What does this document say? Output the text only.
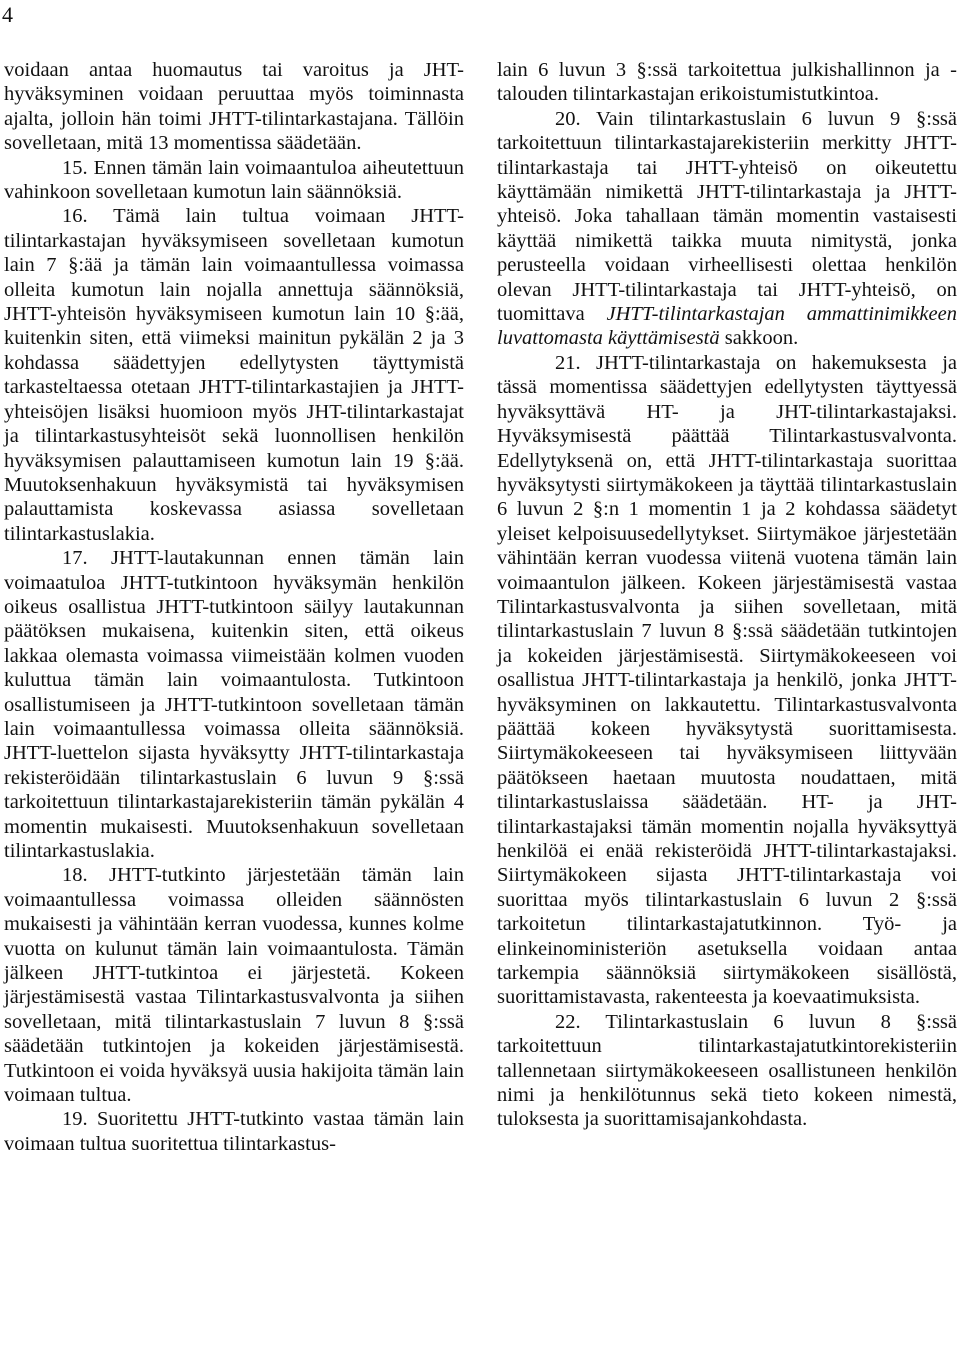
4

voidaan antaa huomautus tai varoitus ja JHT-hyväksyminen voidaan peruuttaa myös toiminnasta ajalta, jolloin hän toimi JHTT-tilintarkastajana. Tällöin sovelletaan, mitä 13 momentissa säädetään.

15. Ennen tämän lain voimaantuloa aiheutettuun vahinkoon sovelletaan kumotun lain säännöksiä.

16. Tämä lain tultua voimaan JHTT-tilintarkastajan hyväksymiseen sovelletaan kumotun lain 7 §:ää ja tämän lain voimaantullessa voimassa olleita kumotun lain nojalla annettuja säännöksiä, JHTT-yhteisön hyväksymiseen kumotun lain 10 §:ää, kuitenkin siten, että viimeksi mainitun pykälän 2 ja 3 kohdassa säädettyjen edellytysten täyttymistä tarkasteltaessa otetaan JHTT-tilintarkastajien ja JHTT-yhteisöjen lisäksi huomioon myös JHT-tilintarkastajat ja tilintarkastusyhteisöt sekä luonnollisen henkilön hyväksymisen palauttamiseen kumotun lain 19 §:ää. Muutoksenhakuun hyväksymistä tai hyväksymisen palauttamista koskevassa asiassa sovelletaan tilintarkastuslakia.

17. JHTT-lautakunnan ennen tämän lain voimaatuloa JHTT-tutkintoon hyväksymän henkilön oikeus osallistua JHTT-tutkintoon säilyy lautakunnan päätöksen mukaisena, kuitenkin siten, että oikeus lakkaa olemasta voimassa viimeistään kolmen vuoden kuluttua tämän lain voimaantulosta. Tutkintoon osallistumiseen ja JHTT-tutkintoon sovelletaan tämän lain voimaantullessa voimassa olleita säännöksiä. JHTT-luettelon sijasta hyväksytty JHTT-tilintarkastaja rekisteröidään tilintarkastuslain 6 luvun 9 §:ssä tarkoitettuun tilintarkastajarekisteriin tämän pykälän 4 momentin mukaisesti. Muutoksenhakuun sovelletaan tilintarkastuslakia.

18. JHTT-tutkinto järjestetään tämän lain voimaantullessa voimassa olleiden säännösten mukaisesti ja vähintään kerran vuodessa, kunnes kolme vuotta on kulunut tämän lain voimaantulosta. Tämän jälkeen JHTT-tutkintoa ei järjestetä. Kokeen järjestämisestä vastaa Tilintarkastusvalvonta ja siihen sovelletaan, mitä tilintarkastuslain 7 luvun 8 §:ssä säädetään tutkintojen ja kokeiden järjestämisestä. Tutkintoon ei voida hyväksyä uusia hakijoita tämän lain voimaan tultua.

19. Suoritettu JHTT-tutkinto vastaa tämän lain voimaan tultua suoritettua tilintarkastus-

lain 6 luvun 3 §:ssä tarkoitettua julkishallinnon ja -talouden tilintarkastajan erikoistumistutkintoa.

20. Vain tilintarkastuslain 6 luvun 9 §:ssä tarkoitettuun tilintarkastajarekisteriin merkitty JHTT-tilintarkastaja tai JHTT-yhteisö on oikeutettu käyttämään nimikettä JHTT-tilintarkastaja ja JHTT-yhteisö. Joka tahallaan tämän momentin vastaisesti käyttää nimikettä taikka muuta nimitystä, jonka perusteella voidaan virheellisesti olettaa henkilön olevan JHTT-tilintarkastaja tai JHTT-yhteisö, on tuomittava JHTT-tilintarkastajan ammattinimikkeen luvattomasta käyttämisestä sakkoon.

21. JHTT-tilintarkastaja on hakemuksesta ja tässä momentissa säädettyjen edellytysten täyttyessä hyväksyttävä HT- ja JHT-tilintarkastajaksi. Hyväksymisestä päättää Tilintarkastusvalvonta. Edellytyksenä on, että JHTT-tilintarkastaja suorittaa hyväksytysti siirtymäkokeen ja täyttää tilintarkastuslain 6 luvun 2 §:n 1 momentin 1 ja 2 kohdassa säädetyt yleiset kelpoisuusedellytykset. Siirtymäkoe järjestetään vähintään kerran vuodessa viitenä vuotena tämän lain voimaantulon jälkeen. Kokeen järjestämisestä vastaa Tilintarkastusvalvonta ja siihen sovelletaan, mitä tilintarkastuslain 7 luvun 8 §:ssä säädetään tutkintojen ja kokeiden järjestämisestä. Siirtymäkokeeseen voi osallistua JHTT-tilintarkastaja ja henkilö, jonka JHTT-hyväksyminen on lakkautettu. Tilintarkastusvalvonta päättää kokeen hyväksytystä suorittamisesta. Siirtymäkokeeseen tai hyväksymiseen liittyvään päätökseen haetaan muutosta noudattaen, mitä tilintarkastuslaissa säädetään. HT- ja JHT-tilintarkastajaksi tämän momentin nojalla hyväksyttyä henkilöä ei enää rekisteröidä JHTT-tilintarkastajaksi. Siirtymäkokeen sijasta JHTT-tilintarkastaja voi suorittaa myös tilintarkastuslain 6 luvun 2 §:ssä tarkoitetun tilintarkastajatutkinnon. Työ- ja elinkeinoministeriön asetuksella voidaan antaa tarkempia säännöksiä siirtymäkokeen sisällöstä, suorittamistavasta, rakenteesta ja koevaatimuksista.

22. Tilintarkastuslain 6 luvun 8 §:ssä tarkoitettuun tilintarkastajatutkintorekisteriin tallennetaan siirtymäkokeeseen osallistuneen henkilön nimi ja henkilötunnus sekä tieto kokeen nimestä, tuloksesta ja suorittamisajankohdasta.
